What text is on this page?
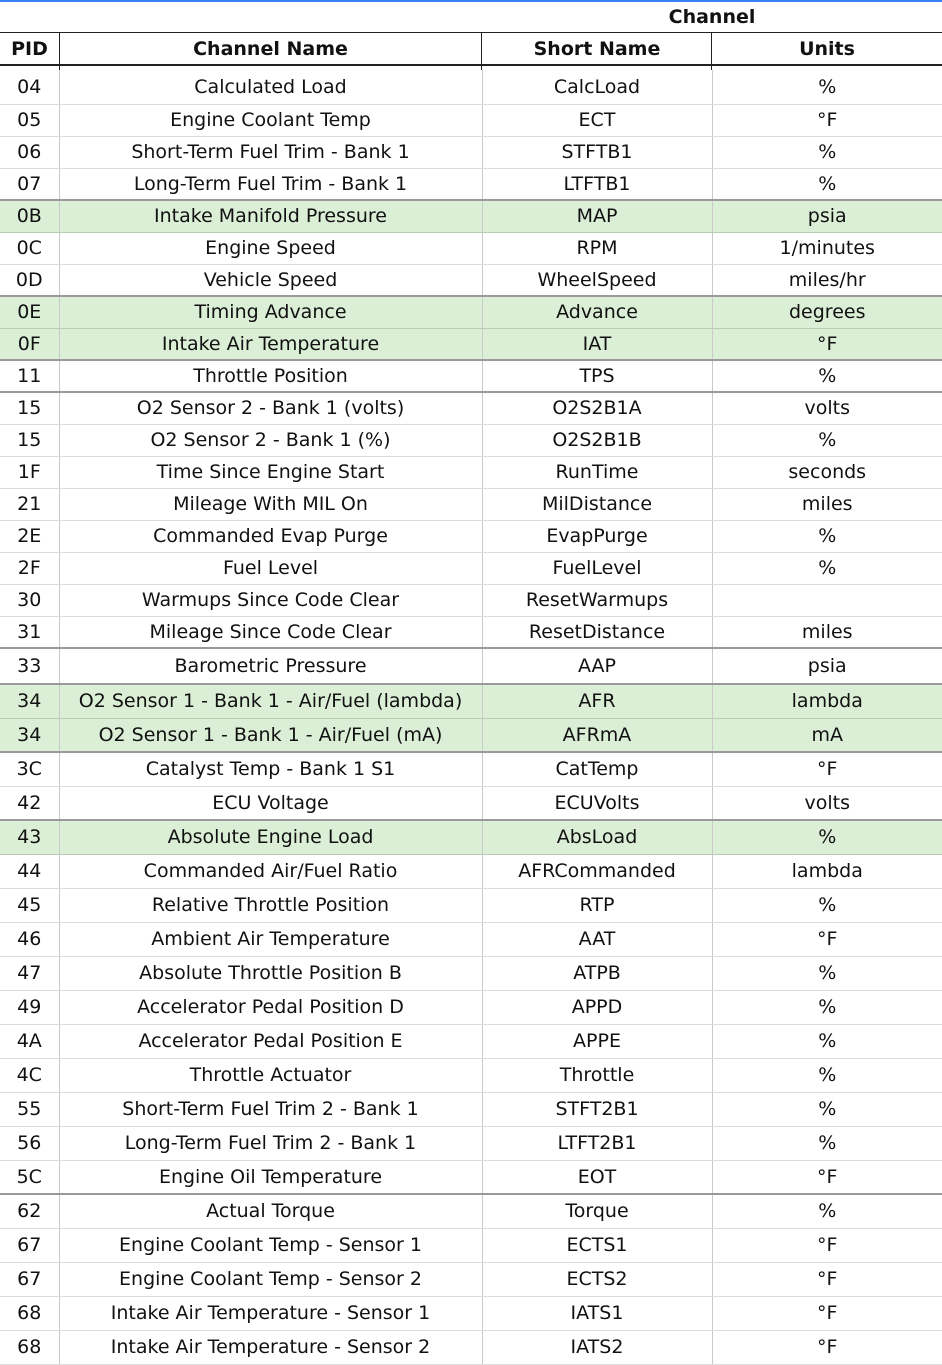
Channel
PID	Channel Name	Short Name	Units
04	Calculated Load	CalcLoad	%
05	Engine Coolant Temp	ECT	°F
06	Short-Term Fuel Trim - Bank 1	STFTB1	%
07	Long-Term Fuel Trim - Bank 1	LTFTB1	%
0B	Intake Manifold Pressure	MAP	psia
0C	Engine Speed	RPM	1/minutes
0D	Vehicle Speed	WheelSpeed	miles/hr
0E	Timing Advance	Advance	degrees
0F	Intake Air Temperature	IAT	°F
11	Throttle Position	TPS	%
15	O2 Sensor 2 - Bank 1 (volts)	O2S2B1A	volts
15	O2 Sensor 2 - Bank 1 (%)	O2S2B1B	%
1F	Time Since Engine Start	RunTime	seconds
21	Mileage With MIL On	MilDistance	miles
2E	Commanded Evap Purge	EvapPurge	%
2F	Fuel Level	FuelLevel	%
30	Warmups Since Code Clear	ResetWarmups	
31	Mileage Since Code Clear	ResetDistance	miles
33	Barometric Pressure	AAP	psia
34	O2 Sensor 1 - Bank 1 - Air/Fuel (lambda)	AFR	lambda
34	O2 Sensor 1 - Bank 1 - Air/Fuel (mA)	AFRmA	mA
3C	Catalyst Temp - Bank 1 S1	CatTemp	°F
42	ECU Voltage	ECUVolts	volts
43	Absolute Engine Load	AbsLoad	%
44	Commanded Air/Fuel Ratio	AFRCommanded	lambda
45	Relative Throttle Position	RTP	%
46	Ambient Air Temperature	AAT	°F
47	Absolute Throttle Position B	ATPB	%
49	Accelerator Pedal Position D	APPD	%
4A	Accelerator Pedal Position E	APPE	%
4C	Throttle Actuator	Throttle	%
55	Short-Term Fuel Trim 2 - Bank 1	STFT2B1	%
56	Long-Term Fuel Trim 2 - Bank 1	LTFT2B1	%
5C	Engine Oil Temperature	EOT	°F
62	Actual Torque	Torque	%
67	Engine Coolant Temp - Sensor 1	ECTS1	°F
67	Engine Coolant Temp - Sensor 2	ECTS2	°F
68	Intake Air Temperature - Sensor 1	IATS1	°F
68	Intake Air Temperature - Sensor 2	IATS2	°F
